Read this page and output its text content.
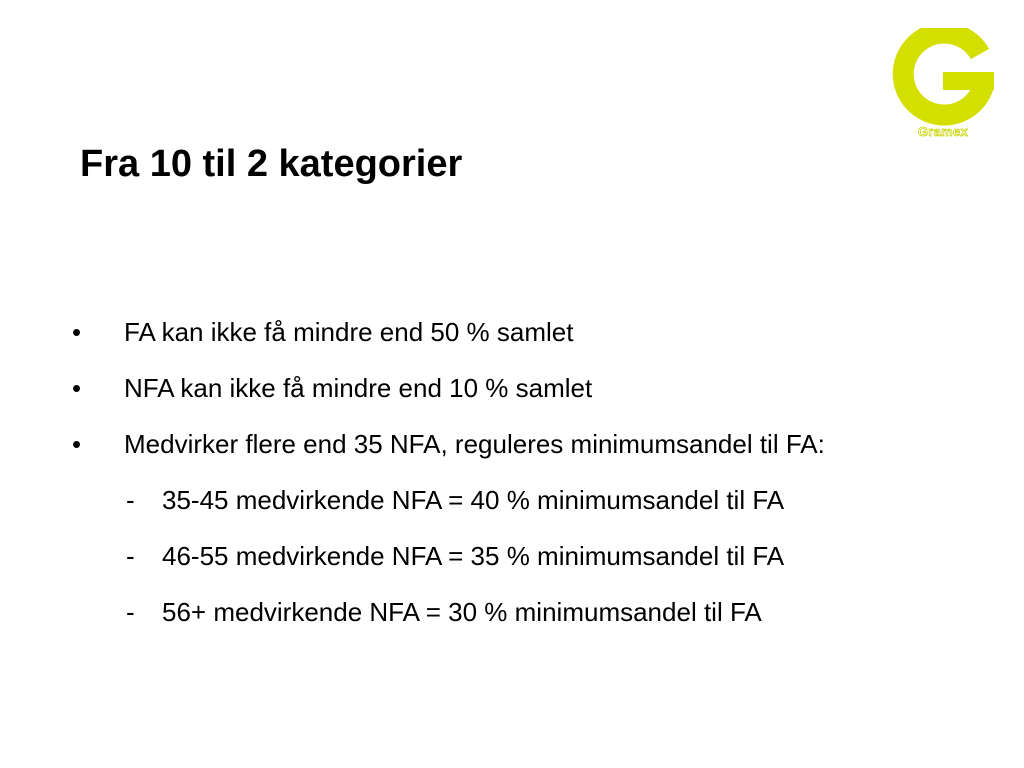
Gramex
Fra 10 til 2 kategorier
• FA kan ikke få mindre end 50 % samlet
• NFA kan ikke få mindre end 10 % samlet
• Medvirker flere end 35 NFA, reguleres minimumsandel til FA:
- 35-45 medvirkende NFA = 40 % minimumsandel til FA
- 46-55 medvirkende NFA = 35 % minimumsandel til FA
- 56+ medvirkende NFA = 30 % minimumsandel til FA
